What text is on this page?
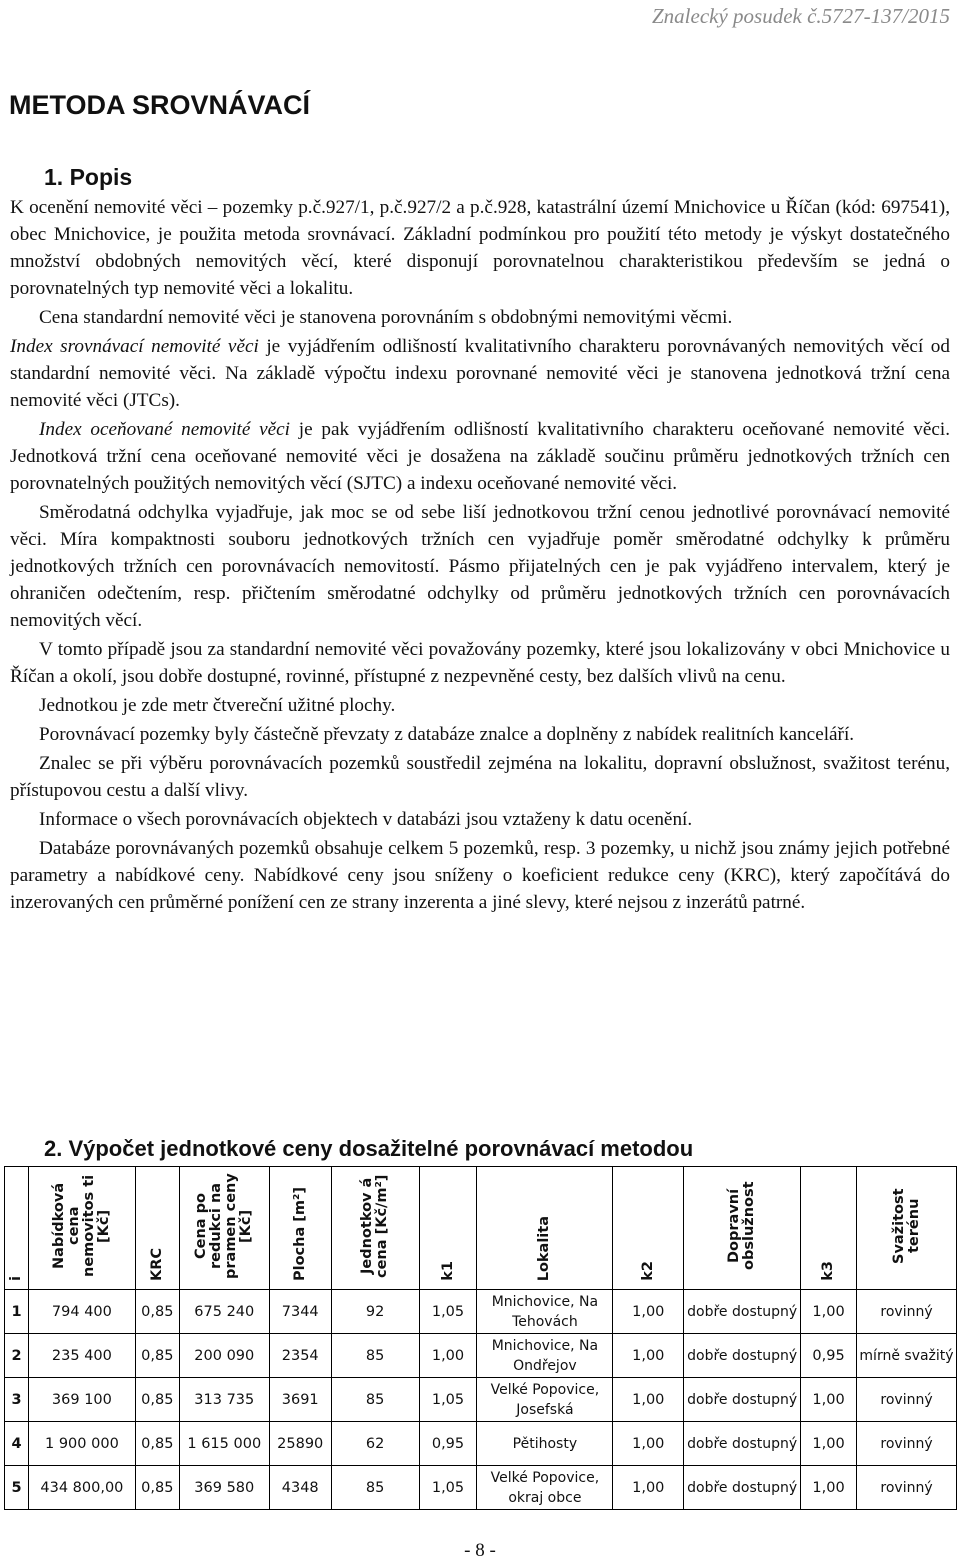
Znalecký posudek č.5727-137/2015
METODA SROVNÁVACÍ
1. Popis

K ocenění nemovité věci – pozemky p.č.927/1, p.č.927/2 a p.č.928, katastrální území Mnichovice u Říčan (kód: 697541), obec Mnichovice, je použita metoda srovnávací. Základní podmínkou pro použití této metody je výskyt dostatečného množství obdobných nemovitých věcí, které disponují porovnatelnou charakteristikou především se jedná o porovnatelných typ nemovité věci a lokalitu.

Cena standardní nemovité věci je stanovena porovnáním s obdobnými nemovitými věcmi.

Index srovnávací nemovité věci je vyjádřením odlišností kvalitativního charakteru porovnávaných nemovitých věcí od standardní nemovité věci. Na základě výpočtu indexu porovnané nemovité věci je stanovena jednotková tržní cena nemovité věci (JTCs).

Index oceňované nemovité věci je pak vyjádřením odlišností kvalitativního charakteru oceňované nemovité věci. Jednotková tržní cena oceňované nemovité věci je dosažena na základě součinu průměru jednotkových tržních cen porovnatelných použitých nemovitých věcí (SJTC) a indexu oceňované nemovité věci.

Směrodatná odchylka vyjadřuje, jak moc se od sebe liší jednotkovou tržní cenou jednotlivé porovnávací nemovité věci. Míra kompaktnosti souboru jednotkových tržních cen vyjadřuje poměr směrodatné odchylky k průměru jednotkových tržních cen porovnávacích nemovitostí. Pásmo přijatelných cen je pak vyjádřeno intervalem, který je ohraničen odečtením, resp. přičtením směrodatné odchylky od průměru jednotkových tržních cen porovnávacích nemovitých věcí.

V tomto případě jsou za standardní nemovité věci považovány pozemky, které jsou lokalizovány v obci Mnichovice u Říčan a okolí, jsou dobře dostupné, rovinné, přístupné z nezpevněné cesty, bez dalších vlivů na cenu.

Jednotkou je zde metr čtvereční užitné plochy.

Porovnávací pozemky byly částečně převzaty z databáze znalce a doplněny z nabídek realitních kanceláří.

Znalec se při výběru porovnávacích pozemků soustředil zejména na lokalitu, dopravní obslužnost, svažitost terénu, přístupovou cestu a další vlivy.

Informace o všech porovnávacích objektech v databázi jsou vztaženy k datu ocenění.

Databáze porovnávaných pozemků obsahuje celkem 5 pozemků, resp. 3 pozemky, u nichž jsou známy jejich potřebné parametry a nabídkové ceny. Nabídkové ceny jsou sníženy o koeficient redukce ceny (KRC), který započítává do inzerovaných cen průměrné ponížení cen ze strany inzerenta a jiné slevy, které nejsou z inzerátů patrné.

2. Výpočet jednotkové ceny dosažitelné porovnávací metodou
i	Nabídková cena nemovitos ti [Kč]	KRC	Cena po redukci na pramen ceny [Kč]	Plocha [m²]	Jednotkov á cena [Kč/m²]	k1	Lokalita	k2	Dopravní obslužnost	k3	Svažitost terénu
1	794 400	0,85	675 240	7344	92	1,05	Mnichovice, Na Tehovách	1,00	dobře dostupný	1,00	rovinný
2	235 400	0,85	200 090	2354	85	1,00	Mnichovice, Na Ondřejov	1,00	dobře dostupný	0,95	mírně svažitý
3	369 100	0,85	313 735	3691	85	1,05	Velké Popovice, Josefská	1,00	dobře dostupný	1,00	rovinný
4	1 900 000	0,85	1 615 000	25890	62	0,95	Pětihosty	1,00	dobře dostupný	1,00	rovinný
5	434 800,00	0,85	369 580	4348	85	1,05	Velké Popovice, okraj obce	1,00	dobře dostupný	1,00	rovinný
- 8 -
